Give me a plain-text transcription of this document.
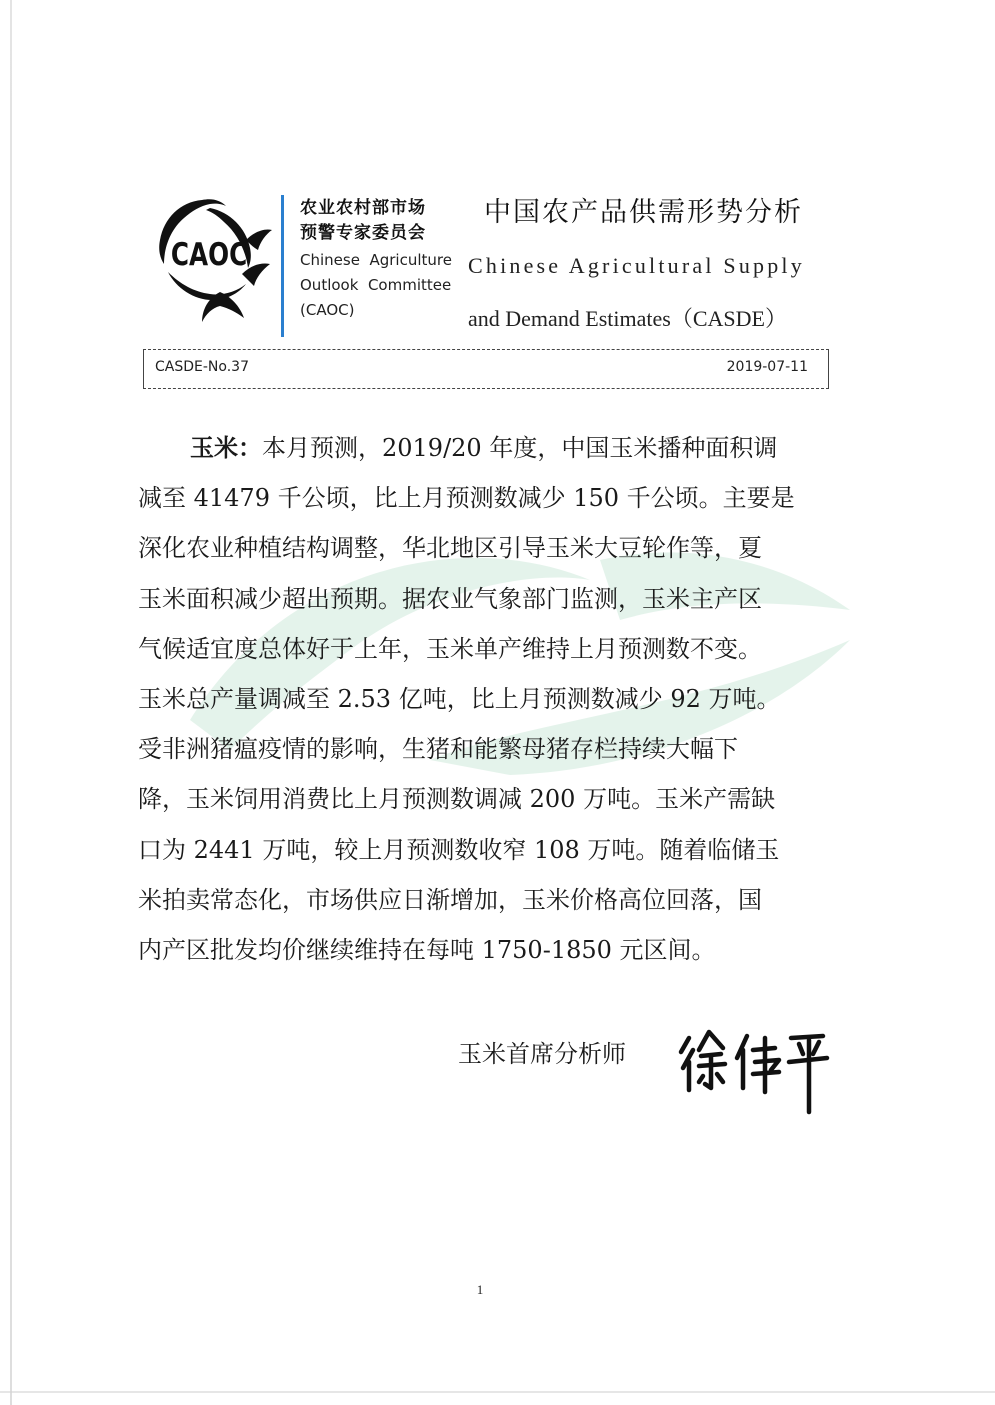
CAOC

农业农村部市场

预警专家委员会

Chinese  Agriculture

Outlook  Committee

(CAOC)

中国农产品供需形势分析

Chinese Agricultural Supply

and Demand Estimates（CASDE）

CASDE-No.37	2019-07-11
玉米：本月预测，2019/20 年度，中国玉米播种面积调
减至 41479 千公顷，比上月预测数减少 150 千公顷。主要是
深化农业种植结构调整，华北地区引导玉米大豆轮作等，夏
玉米面积减少超出预期。据农业气象部门监测，玉米主产区
气候适宜度总体好于上年，玉米单产维持上月预测数不变。
玉米总产量调减至 2.53 亿吨，比上月预测数减少 92 万吨。
受非洲猪瘟疫情的影响，生猪和能繁母猪存栏持续大幅下
降，玉米饲用消费比上月预测数调减 200 万吨。玉米产需缺
口为 2441 万吨，较上月预测数收窄 108 万吨。随着临储玉
米拍卖常态化，市场供应日渐增加，玉米价格高位回落，国
内产区批发均价继续维持在每吨 1750-1850 元区间。
玉米首席分析师
1
